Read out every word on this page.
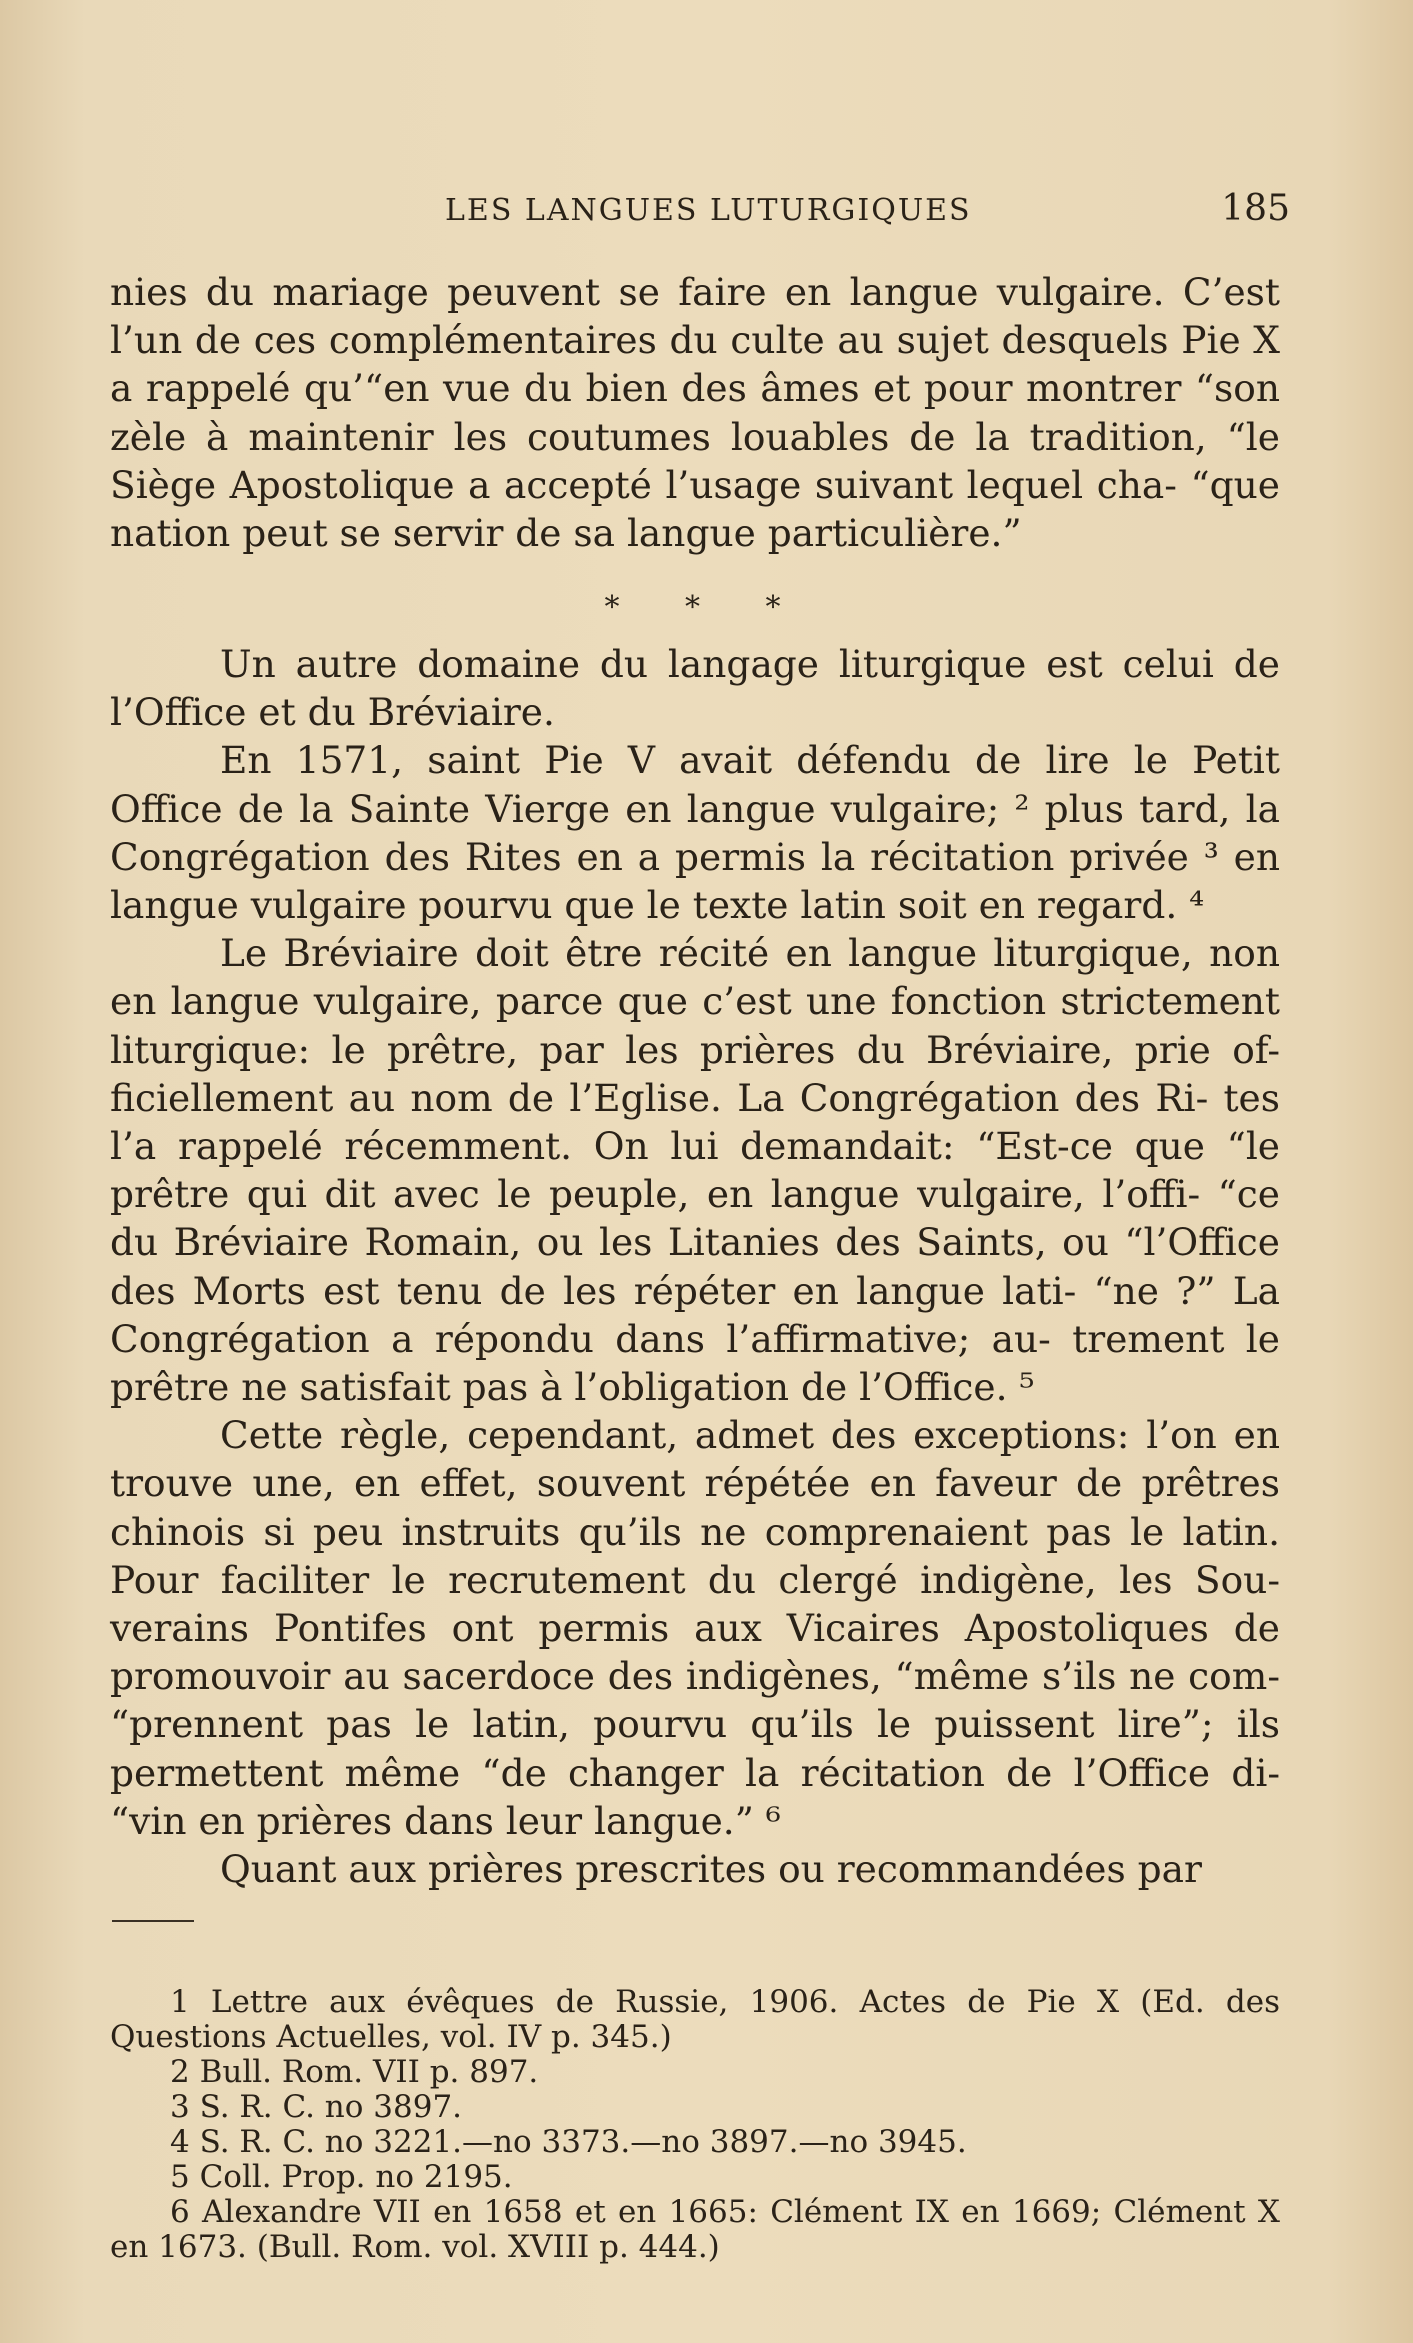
LES LANGUES LUTURGIQUES	185

nies du mariage peuvent se faire en langue vulgaire. C’est l’un de ces complémentaires du culte au sujet desquels Pie X a rappelé qu’“en vue du bien des âmes et pour montrer “son zèle à maintenir les coutumes louables de la tradition, “le Siège Apostolique a accepté l’usage suivant lequel cha- “que nation peut se servir de sa langue particulière.”

* * *

Un autre domaine du langage liturgique est celui de l’Office et du Bréviaire.

En 1571, saint Pie V avait défendu de lire le Petit Office de la Sainte Vierge en langue vulgaire; ² plus tard, la Congrégation des Rites en a permis la récitation privée ³ en langue vulgaire pourvu que le texte latin soit en regard. ⁴

Le Bréviaire doit être récité en langue liturgique, non en langue vulgaire, parce que c’est une fonction strictement liturgique: le prêtre, par les prières du Bréviaire, prie of- ficiellement au nom de l’Eglise. La Congrégation des Ri- tes l’a rappelé récemment. On lui demandait: “Est-ce que “le prêtre qui dit avec le peuple, en langue vulgaire, l’offi- “ce du Bréviaire Romain, ou les Litanies des Saints, ou “l’Office des Morts est tenu de les répéter en langue lati- “ne ?” La Congrégation a répondu dans l’affirmative; au- trement le prêtre ne satisfait pas à l’obligation de l’Office. ⁵

Cette règle, cependant, admet des exceptions: l’on en trouve une, en effet, souvent répétée en faveur de prêtres chinois si peu instruits qu’ils ne comprenaient pas le latin. Pour faciliter le recrutement du clergé indigène, les Sou- verains Pontifes ont permis aux Vicaires Apostoliques de promouvoir au sacerdoce des indigènes, “même s’ils ne com- “prennent pas le latin, pourvu qu’ils le puissent lire”; ils permettent même “de changer la récitation de l’Office di- “vin en prières dans leur langue.” ⁶

Quant aux prières prescrites ou recommandées par

1 Lettre aux évêques de Russie, 1906. Actes de Pie X (Ed. des Questions Actuelles, vol. IV p. 345.)
2 Bull. Rom. VII p. 897.
3 S. R. C. no 3897.
4 S. R. C. no 3221.—no 3373.—no 3897.—no 3945.
5 Coll. Prop. no 2195.
6 Alexandre VII en 1658 et en 1665: Clément IX en 1669; Clément X en 1673. (Bull. Rom. vol. XVIII p. 444.)
